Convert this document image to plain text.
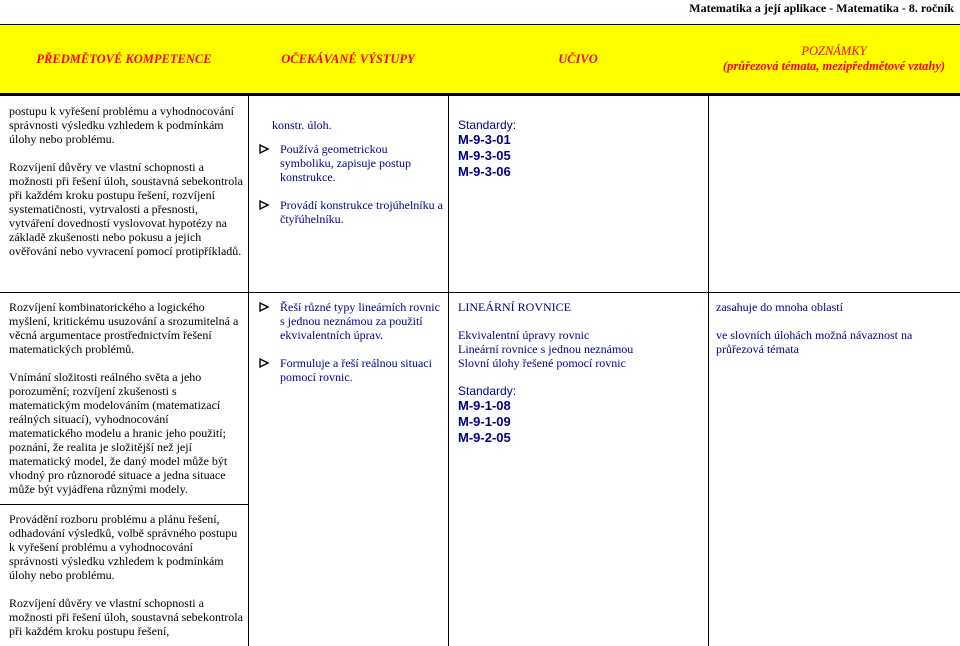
Matematika a její aplikace - Matematika - 8. ročník
PŘEDMĚTOVÉ KOMPETENCE	OČEKÁVANÉ VÝSTUPY	UČIVO
POZNÁMKY
(průřezová témata, mezipředmětové vztahy)

postupu k vyřešení problému a vyhodnocování správnosti výsledku vzhledem k podmínkám úlohy nebo problému.

Rozvíjení důvěry ve vlastní schopnosti a možnosti při řešení úloh, soustavná sebekontrola při každém kroku postupu řešení, rozvíjení systematičnosti, vytrvalosti a přesnosti, vytváření dovedností vyslovovat hypotézy na základě zkušenosti nebo pokusu a jejich ověřování nebo vyvracení pomocí protipříkladů.

konstr. úloh.

Používá geometrickou symboliku, zapisuje postup konstrukce.
Provádí konstrukce trojúhelníku a čtyřúhelníku.
Standardy:
M-9-3-01
M-9-3-05
M-9-3-06

Rozvíjení kombinatorického a logického myšlení, kritickému usuzování a srozumitelná a věcná argumentace prostřednictvím řešení matematických problémů.

Vnímání složitosti reálného světa a jeho porozumění; rozvíjení zkušenosti s matematickým modelováním (matematizací reálných situací), vyhodnocování matematického modelu a hranic jeho použití; poznání, že realita je složitější než její matematický model, že daný model může být vhodný pro různorodé situace a jedna situace může být vyjádřena různými modely.

Řeší různé typy lineárních rovnic s jednou neznámou za použití ekvivalentních úprav.
Formuluje a řeší reálnou situaci pomocí rovnic.

LINEÁRNÍ ROVNICE

Ekvivalentní úpravy rovnic

Lineární rovnice s jednou neznámou

Slovní úlohy řešené pomocí rovnic

Standardy:
M-9-1-08
M-9-1-09
M-9-2-05

zasahuje do mnoha oblastí

ve slovních úlohách možná návaznost na průřezová témata

Provádění rozboru problému a plánu řešení, odhadování výsledků, volbě správného postupu k vyřešení problému a vyhodnocování správnosti výsledku vzhledem k podmínkám úlohy nebo problému.

Rozvíjení důvěry ve vlastní schopnosti a možnosti při řešení úloh, soustavná sebekontrola při každém kroku postupu řešení,
